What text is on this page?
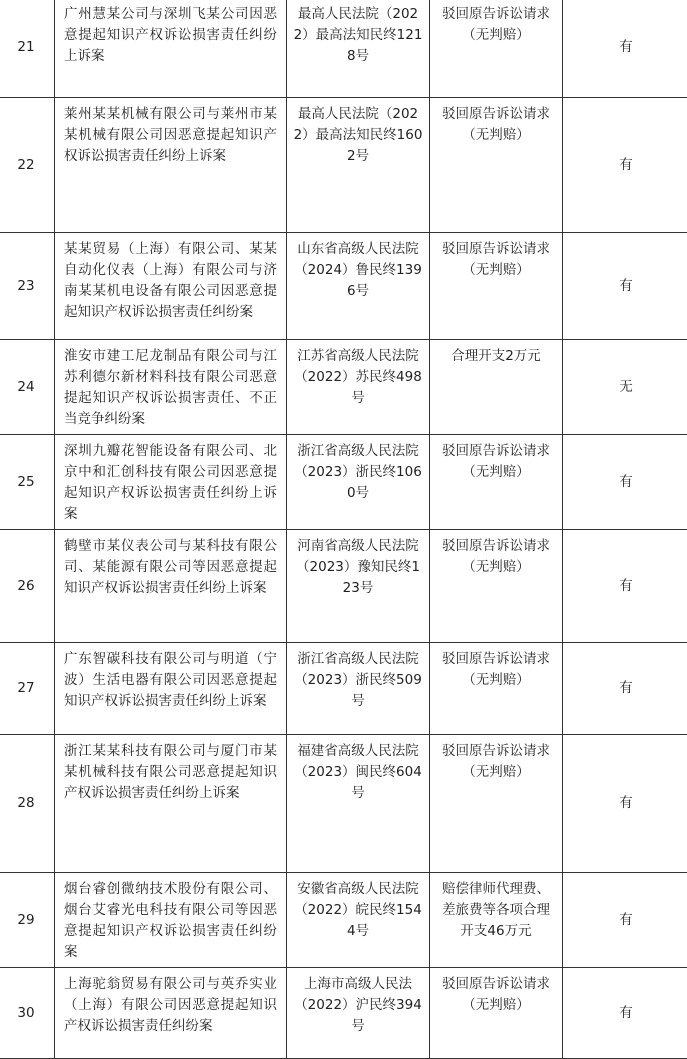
21	广州慧某公司与深圳飞某公司因恶意提起知识产权诉讼损害责任纠纷上诉案	最高人民法院（2022）最高法知民终1218号	驳回原告诉讼请求（无判赔）	有
22	莱州某某机械有限公司与莱州市某某机械有限公司因恶意提起知识产权诉讼损害责任纠纷上诉案	最高人民法院（2022）最高法知民终1602号	驳回原告诉讼请求（无判赔）	有
23	某某贸易（上海）有限公司、某某自动化仪表（上海）有限公司与济南某某机电设备有限公司因恶意提起知识产权诉讼损害责任纠纷案	山东省高级人民法院（2024）鲁民终1396号	驳回原告诉讼请求（无判赔）	有
24	淮安市建工尼龙制品有限公司与江苏利德尔新材料科技有限公司恶意提起知识产权诉讼损害责任、不正当竞争纠纷案	江苏省高级人民法院（2022）苏民终498号	合理开支2万元	无
25	深圳九瓣花智能设备有限公司、北京中和汇创科技有限公司因恶意提起知识产权诉讼损害责任纠纷上诉案	浙江省高级人民法院（2023）浙民终1060号	驳回原告诉讼请求（无判赔）	有
26	鹤壁市某仪表公司与某科技有限公司、某能源有限公司等因恶意提起知识产权诉讼损害责任纠纷上诉案	河南省高级人民法院（2023）豫知民终123号	驳回原告诉讼请求（无判赔）	有
27	广东智碳科技有限公司与明道（宁波）生活电器有限公司因恶意提起知识产权诉讼损害责任纠纷上诉案	浙江省高级人民法院（2023）浙民终509号	驳回原告诉讼请求（无判赔）	有
28	浙江某某科技有限公司与厦门市某某机械科技有限公司恶意提起知识产权诉讼损害责任纠纷上诉案	福建省高级人民法院（2023）闽民终604号	驳回原告诉讼请求（无判赔）	有
29	烟台睿创微纳技术股份有限公司、烟台艾睿光电科技有限公司等因恶意提起知识产权诉讼损害责任纠纷案	安徽省高级人民法院（2022）皖民终1544号	赔偿律师代理费、差旅费等各项合理开支46万元	有
30	上海驼翁贸易有限公司与英乔实业（上海）有限公司因恶意提起知识产权诉讼损害责任纠纷案	上海市高级人民法（2022）沪民终394号	驳回原告诉讼请求（无判赔）	有
